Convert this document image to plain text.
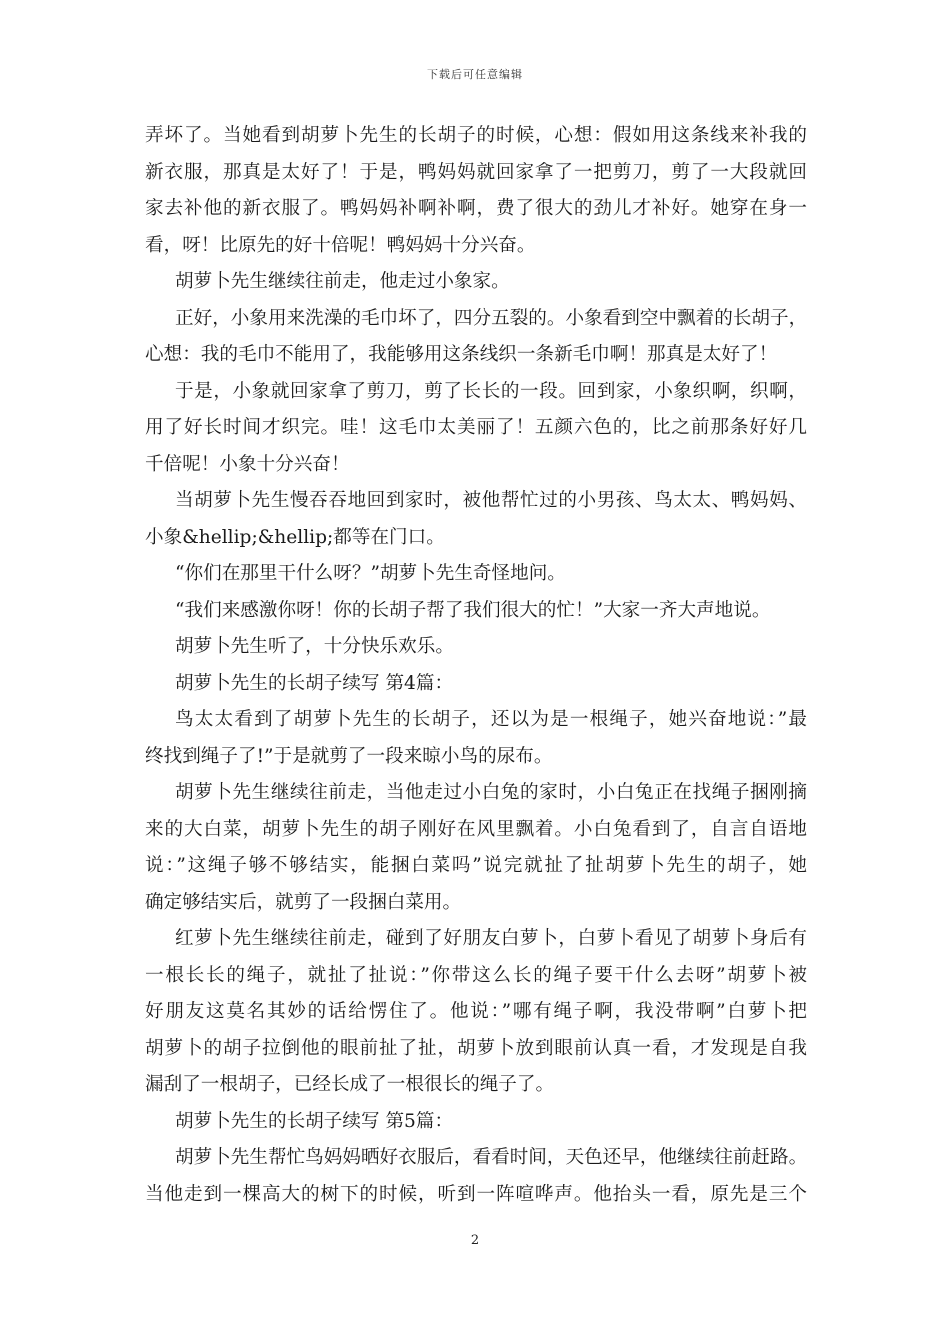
下载后可任意编辑
弄坏了。当她看到胡萝卜先生的长胡子的时候，心想：假如用这条线来补我的
新衣服，那真是太好了！于是，鸭妈妈就回家拿了一把剪刀，剪了一大段就回
家去补他的新衣服了。鸭妈妈补啊补啊，费了很大的劲儿才补好。她穿在身一
看，呀！比原先的好十倍呢！鸭妈妈十分兴奋。
胡萝卜先生继续往前走，他走过小象家。
正好，小象用来洗澡的毛巾坏了，四分五裂的。小象看到空中飘着的长胡子，
心想：我的毛巾不能用了，我能够用这条线织一条新毛巾啊！那真是太好了！
于是，小象就回家拿了剪刀，剪了长长的一段。回到家，小象织啊，织啊，
用了好长时间才织完。哇！这毛巾太美丽了！五颜六色的，比之前那条好好几
千倍呢！小象十分兴奋！
当胡萝卜先生慢吞吞地回到家时，被他帮忙过的小男孩、鸟太太、鸭妈妈、
小象&hellip;&hellip;都等在门口。
“你们在那里干什么呀？”胡萝卜先生奇怪地问。
“我们来感激你呀！你的长胡子帮了我们很大的忙！”大家一齐大声地说。
胡萝卜先生听了，十分快乐欢乐。
胡萝卜先生的长胡子续写 第4篇：
鸟太太看到了胡萝卜先生的长胡子，还以为是一根绳子，她兴奋地说：”最
终找到绳子了!”于是就剪了一段来晾小鸟的尿布。
胡萝卜先生继续往前走，当他走过小白兔的家时，小白兔正在找绳子捆刚摘
来的大白菜，胡萝卜先生的胡子刚好在风里飘着。小白兔看到了，自言自语地
说：”这绳子够不够结实，能捆白菜吗”说完就扯了扯胡萝卜先生的胡子，她
确定够结实后，就剪了一段捆白菜用。
红萝卜先生继续往前走，碰到了好朋友白萝卜，白萝卜看见了胡萝卜身后有
一根长长的绳子，就扯了扯说：”你带这么长的绳子要干什么去呀”胡萝卜被
好朋友这莫名其妙的话给愣住了。他说：”哪有绳子啊，我没带啊”白萝卜把
胡萝卜的胡子拉倒他的眼前扯了扯，胡萝卜放到眼前认真一看，才发现是自我
漏刮了一根胡子，已经长成了一根很长的绳子了。
胡萝卜先生的长胡子续写 第5篇：
胡萝卜先生帮忙鸟妈妈晒好衣服后，看看时间，天色还早，他继续往前赶路。
当他走到一棵高大的树下的时候，听到一阵喧哗声。他抬头一看，原先是三个
2
